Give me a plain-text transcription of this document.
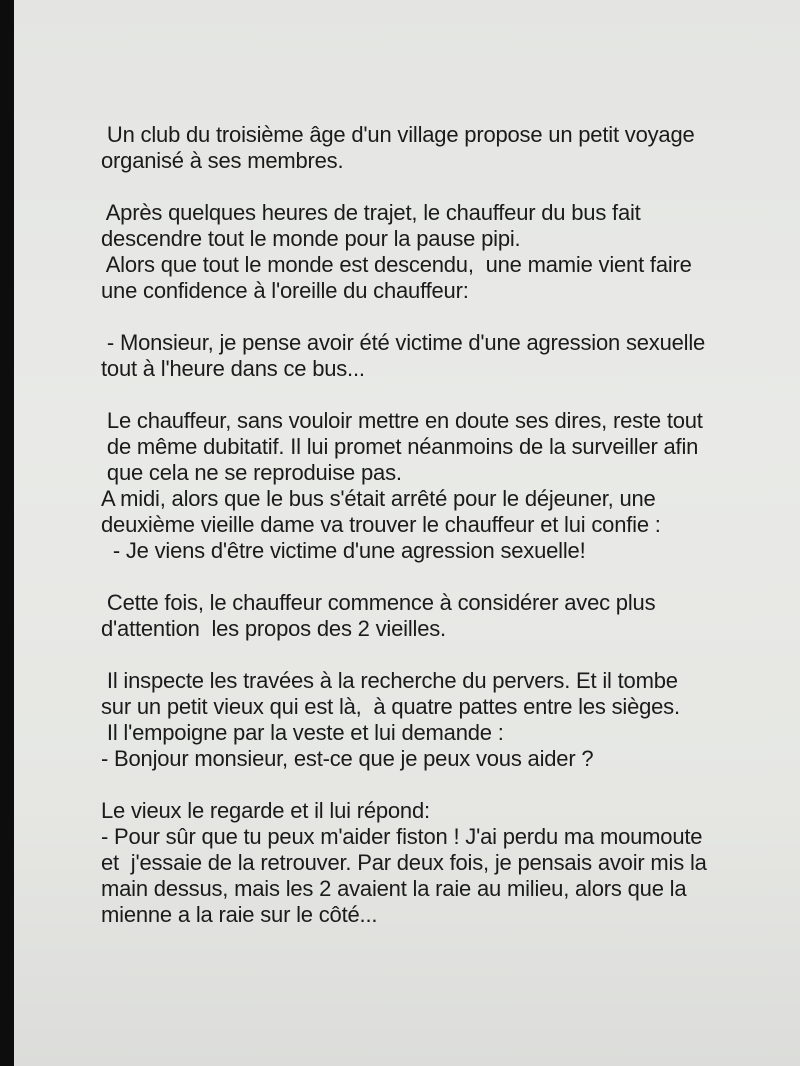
Un club du troisième âge d'un village propose un petit voyage
organisé à ses membres.
Après quelques heures de trajet, le chauffeur du bus fait
descendre tout le monde pour la pause pipi.
Alors que tout le monde est descendu,  une mamie vient faire
une confidence à l'oreille du chauffeur:
- Monsieur, je pense avoir été victime d'une agression sexuelle
tout à l'heure dans ce bus...
Le chauffeur, sans vouloir mettre en doute ses dires, reste tout
de même dubitatif. Il lui promet néanmoins de la surveiller afin
que cela ne se reproduise pas.
A midi, alors que le bus s'était arrêté pour le déjeuner, une
deuxième vieille dame va trouver le chauffeur et lui confie :
- Je viens d'être victime d'une agression sexuelle!
Cette fois, le chauffeur commence à considérer avec plus
d'attention  les propos des 2 vieilles.
Il inspecte les travées à la recherche du pervers. Et il tombe
sur un petit vieux qui est là,  à quatre pattes entre les sièges.
Il l'empoigne par la veste et lui demande :
- Bonjour monsieur, est-ce que je peux vous aider ?
Le vieux le regarde et il lui répond:
- Pour sûr que tu peux m'aider fiston ! J'ai perdu ma moumoute
et  j'essaie de la retrouver. Par deux fois, je pensais avoir mis la
main dessus, mais les 2 avaient la raie au milieu, alors que la
mienne a la raie sur le côté...
